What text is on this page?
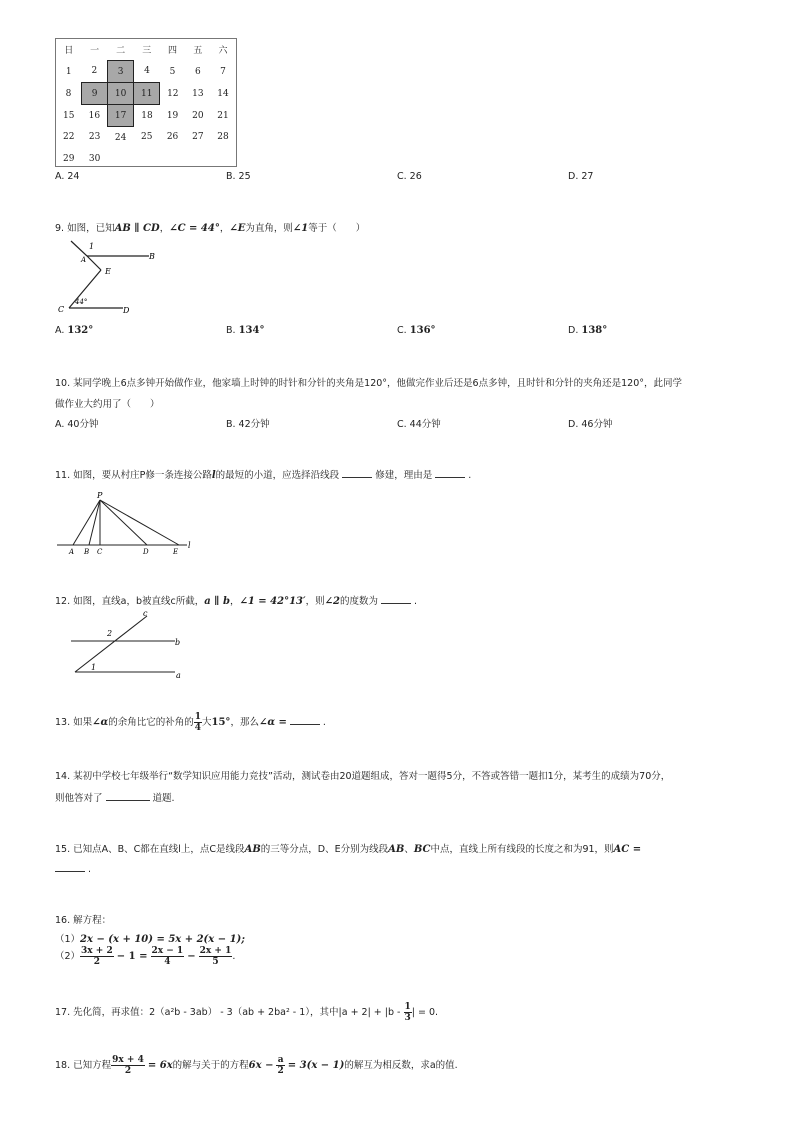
日	一	二	三	四	五	六
1	2	3	4	5	6	7
8	9	10	11	12	13	14
15	16	17	18	19	20	21
22	23	24	25	26	27	28
29	30					
A. 24	B. 25	C. 26	D. 27
9. 如图，已知AB ∥ CD，∠C = 44°，∠E为直角，则∠1等于（　　）
1
A	B
E
C	D
44°
A. 132°	B. 134°	C. 136°	D. 138°
10. 某同学晚上6点多钟开始做作业，他家墙上时钟的时针和分针的夹角是120°，他做完作业后还是6点多钟，且时针和分针的夹角还是120°，此同学
做作业大约用了（　　）
A. 40分钟	B. 42分钟	C. 44分钟	D. 46分钟
11. 如图，要从村庄P修一条连接公路l的最短的小道，应选择沿线段	修建，理由是	.
P
A B C	D	E
l
12. 如图，直线a，b被直线c所截，a ∥ b，∠1 = 42°13′，则∠2的度数为	.
c
b
a
1
2
13. 如果∠α的余角比它的补角的 $\frac{1}{4}$ 大15°，那么∠α =	.
14. 某初中学校七年级举行“数学知识应用能力竞技”活动，测试卷由20道题组成，答对一题得5分，不答或答错一题扣1分，某考生的成绩为70分，
则他答对了	道题.
15. 已知点A、B、C都在直线l上，点C是线段AB的三等分点，D、E分别为线段AB、BC中点，直线上所有线段的长度之和为91，则AC =
.
16. 解方程：
（1）2x − (x + 10) = 5x + 2(x − 1);
$(2) \frac{3x + 2}{2} - 1 = \frac{2x - 1}{4} - \frac{2x + 1}{5}$ .
17. 先化简，再求值：2（a²b - 3ab） - 3（ab + 2ba² - 1），其中$|a + 2| + |b - \frac{1}{3}$ | = 0.
18. 已知方程 $\frac{9x + 4}{2} = 6x$的解与关于的方程$6x - \frac{a}{2} = 3(x - 1)$的解互为相反数，求a的值.
